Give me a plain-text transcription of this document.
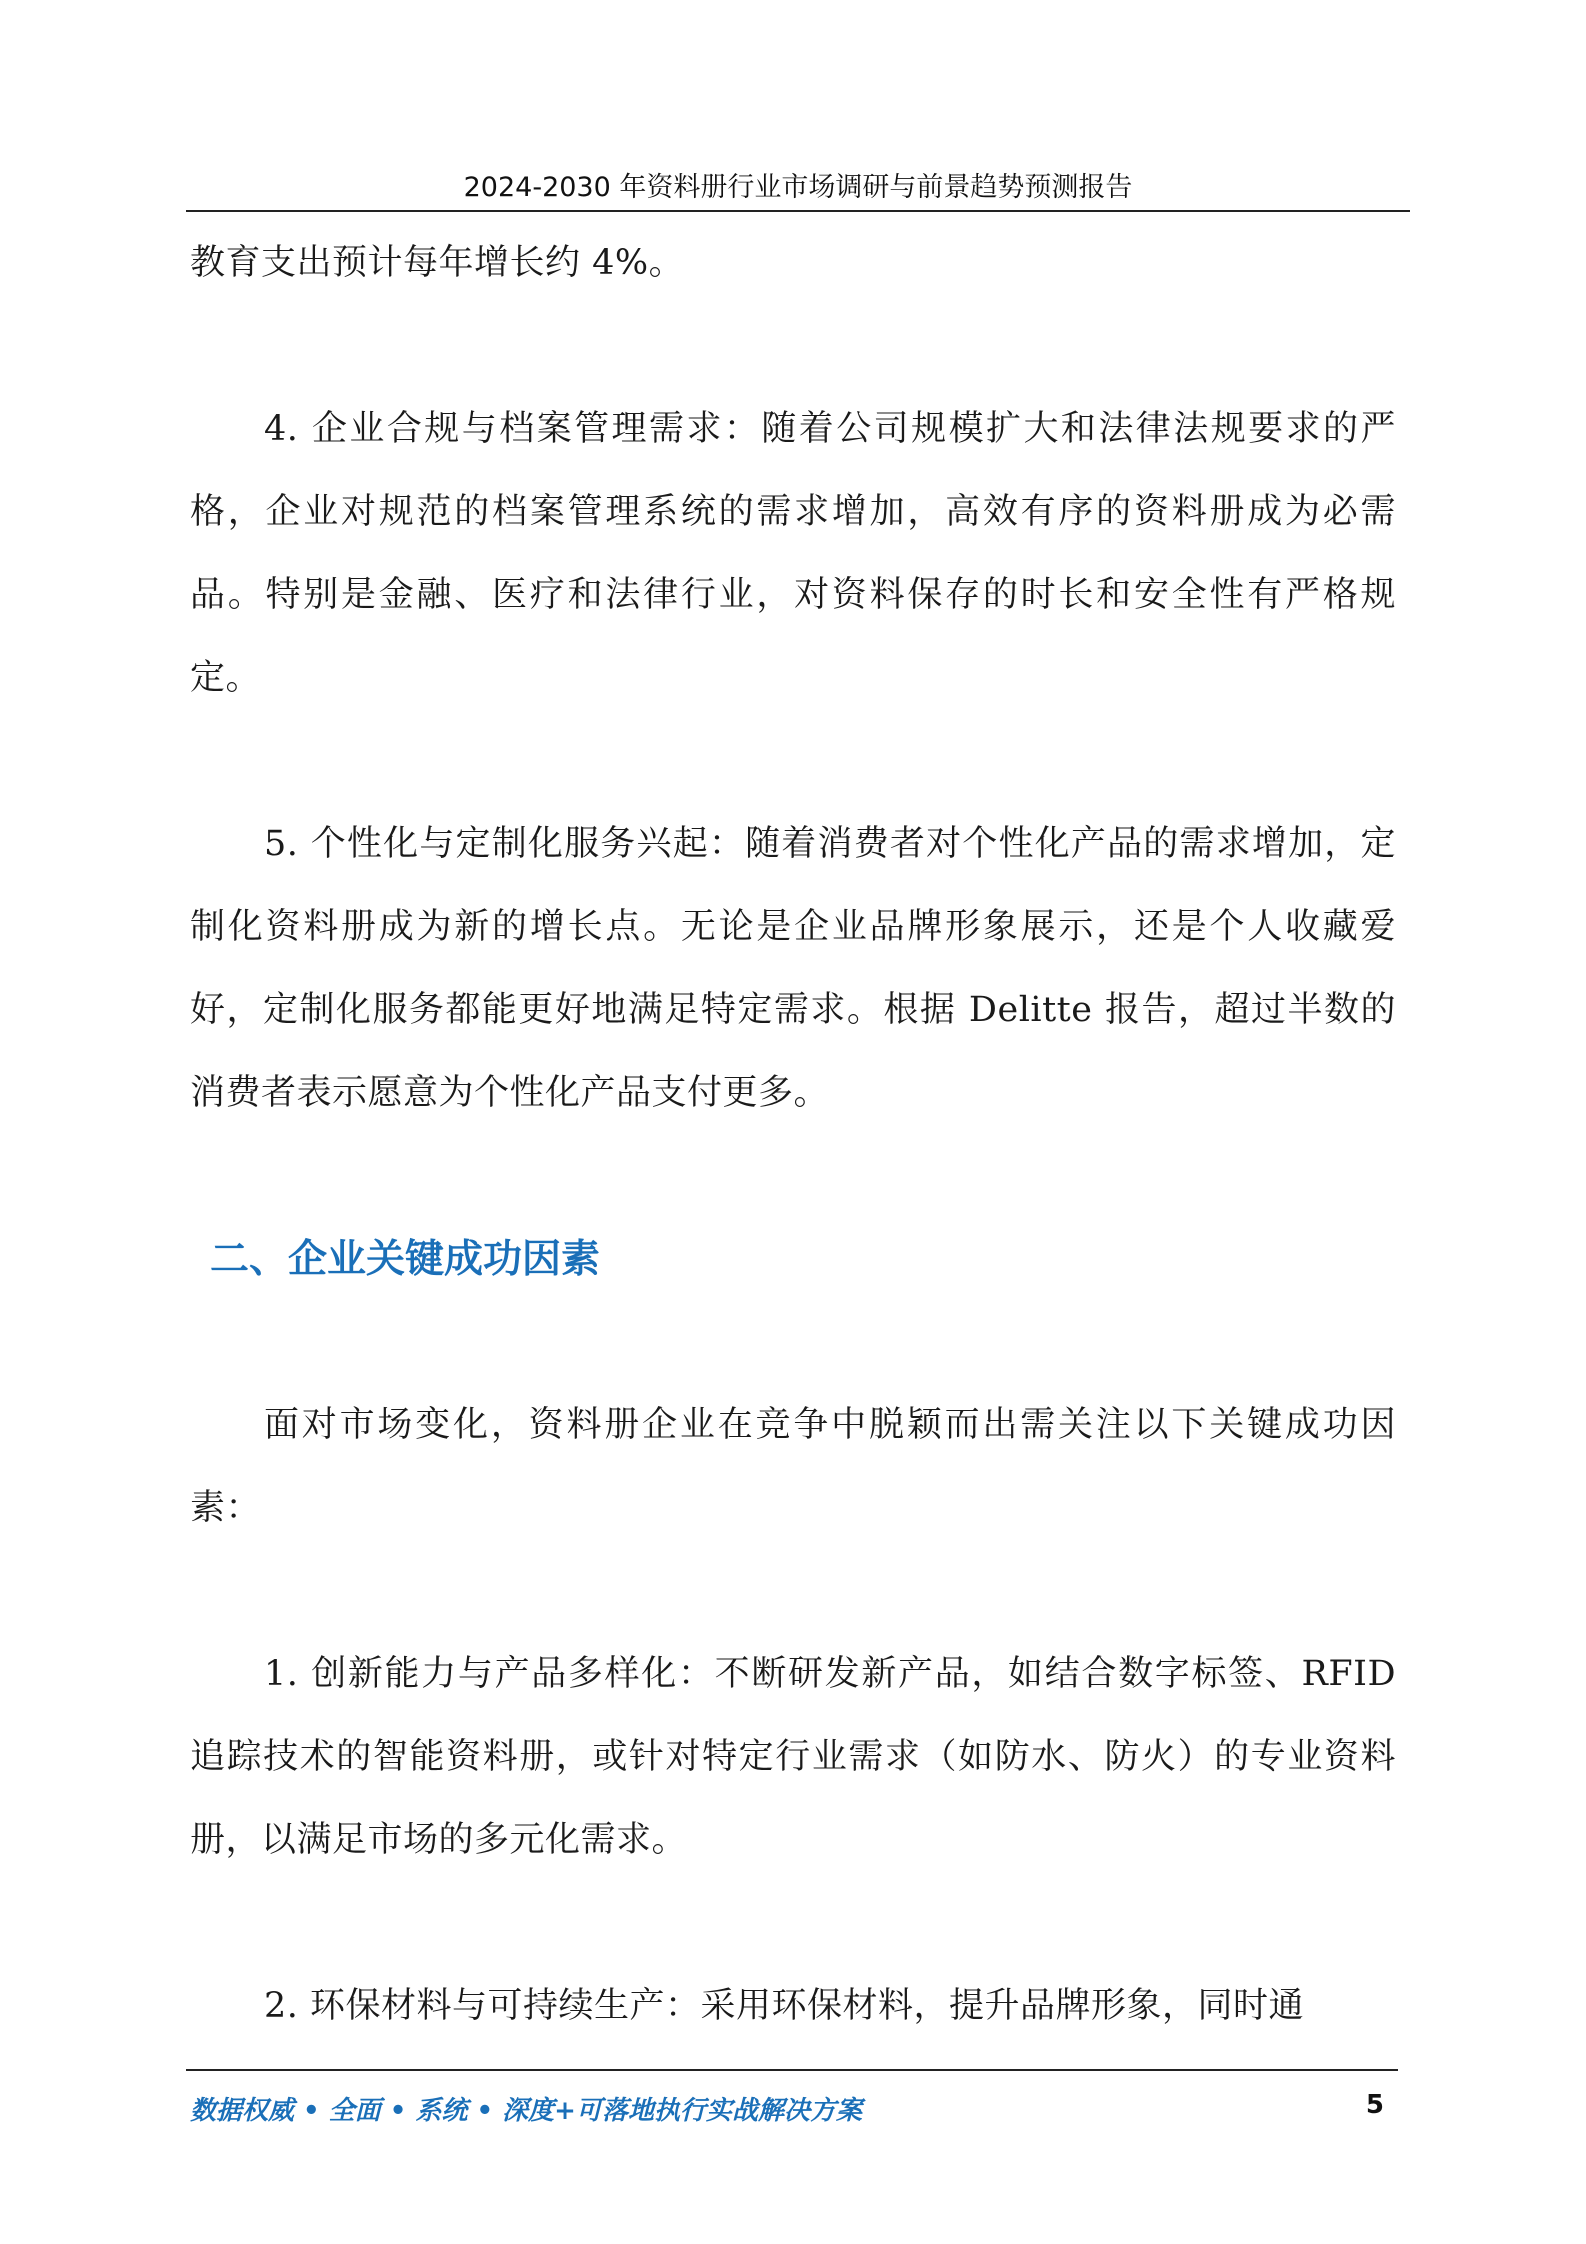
2024-2030 年资料册行业市场调研与前景趋势预测报告

教育支出预计每年增长约 4%。

4. 企业合规与档案管理需求：随着公司规模扩大和法律法规要求的严格，企业对规范的档案管理系统的需求增加，高效有序的资料册成为必需品。特别是金融、医疗和法律行业，对资料保存的时长和安全性有严格规定。

5. 个性化与定制化服务兴起：随着消费者对个性化产品的需求增加，定制化资料册成为新的增长点。无论是企业品牌形象展示，还是个人收藏爱好，定制化服务都能更好地满足特定需求。根据 Delitte 报告，超过半数的消费者表示愿意为个性化产品支付更多。

二、企业关键成功因素

面对市场变化，资料册企业在竞争中脱颖而出需关注以下关键成功因素：

1. 创新能力与产品多样化：不断研发新产品，如结合数字标签、RFID 追踪技术的智能资料册，或针对特定行业需求（如防水、防火）的专业资料册，以满足市场的多元化需求。

2. 环保材料与可持续生产：采用环保材料，提升品牌形象，同时通

数据权威 • 全面 • 系统 • 深度+可落地执行实战解决方案	5
